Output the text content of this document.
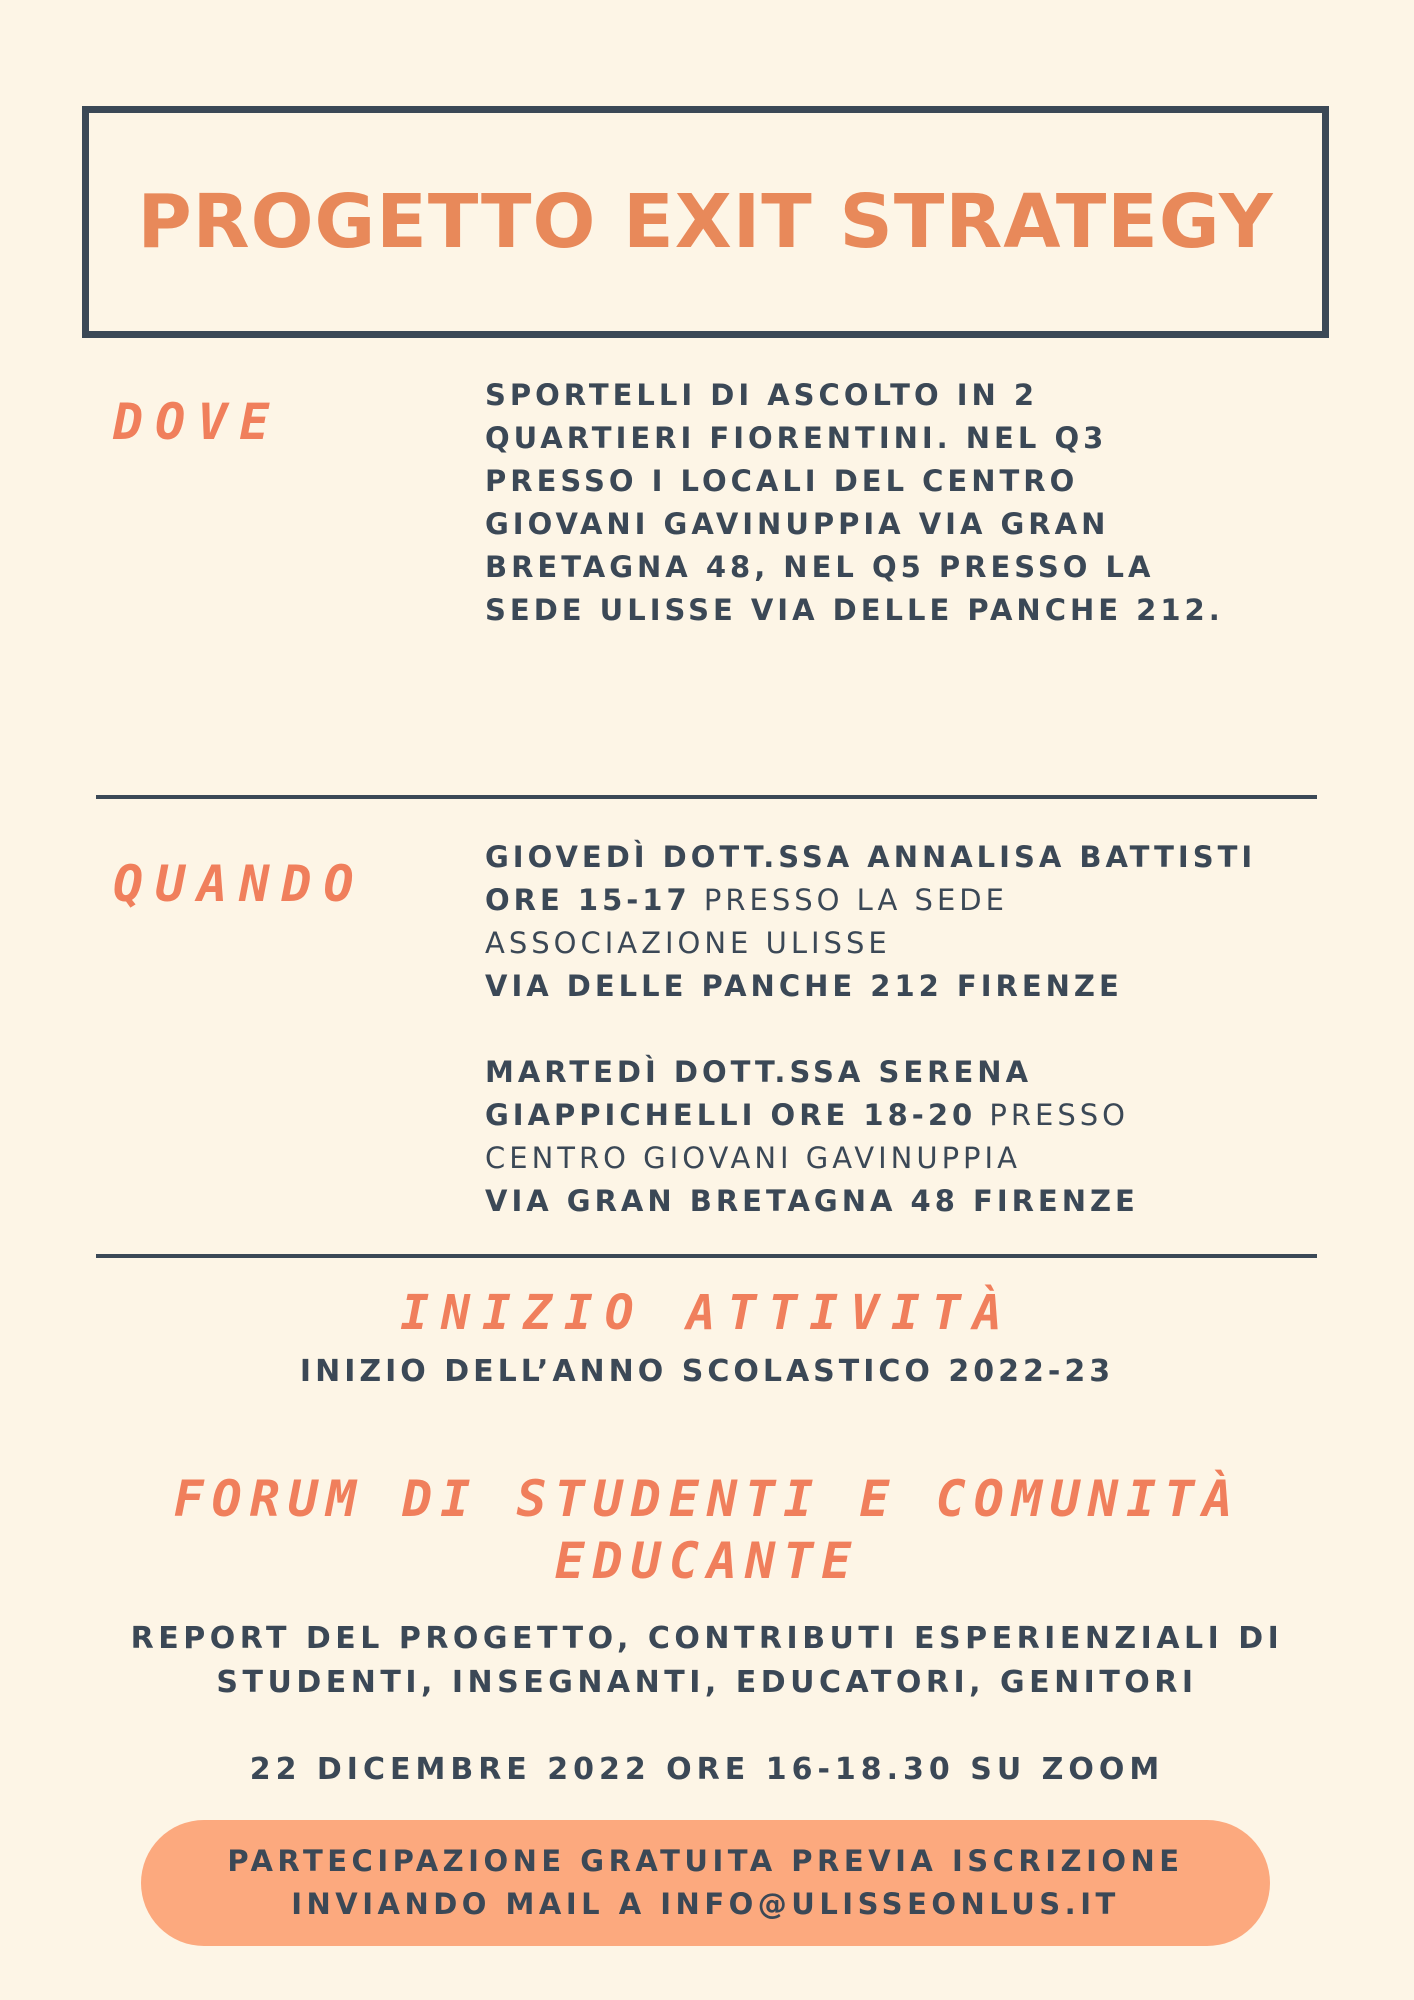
PROGETTO EXIT STRATEGY
DOVE	SPORTELLI DI ASCOLTO IN 2
QUARTIERI FIORENTINI. NEL Q3
PRESSO I LOCALI DEL CENTRO
GIOVANI GAVINUPPIA VIA GRAN
BRETAGNA 48, NEL Q5 PRESSO LA
SEDE ULISSE VIA DELLE PANCHE 212.
QUANDO	GIOVEDÌ DOTT.SSA ANNALISA BATTISTI
ORE 15-17 PRESSO LA SEDE
ASSOCIAZIONE ULISSE
VIA DELLE PANCHE 212 FIRENZE
MARTEDÌ DOTT.SSA SERENA
GIAPPICHELLI ORE 18-20 PRESSO
CENTRO GIOVANI GAVINUPPIA
VIA GRAN BRETAGNA 48 FIRENZE
INIZIO ATTIVITÀ
INIZIO DELL’ANNO SCOLASTICO 2022-23
FORUM DI STUDENTI E COMUNITÀ
EDUCANTE
REPORT DEL PROGETTO, CONTRIBUTI ESPERIENZIALI DI
STUDENTI, INSEGNANTI, EDUCATORI, GENITORI
22 DICEMBRE 2022 ORE 16-18.30 SU ZOOM
PARTECIPAZIONE GRATUITA PREVIA ISCRIZIONE
INVIANDO MAIL A INFO@ULISSEONLUS.IT
